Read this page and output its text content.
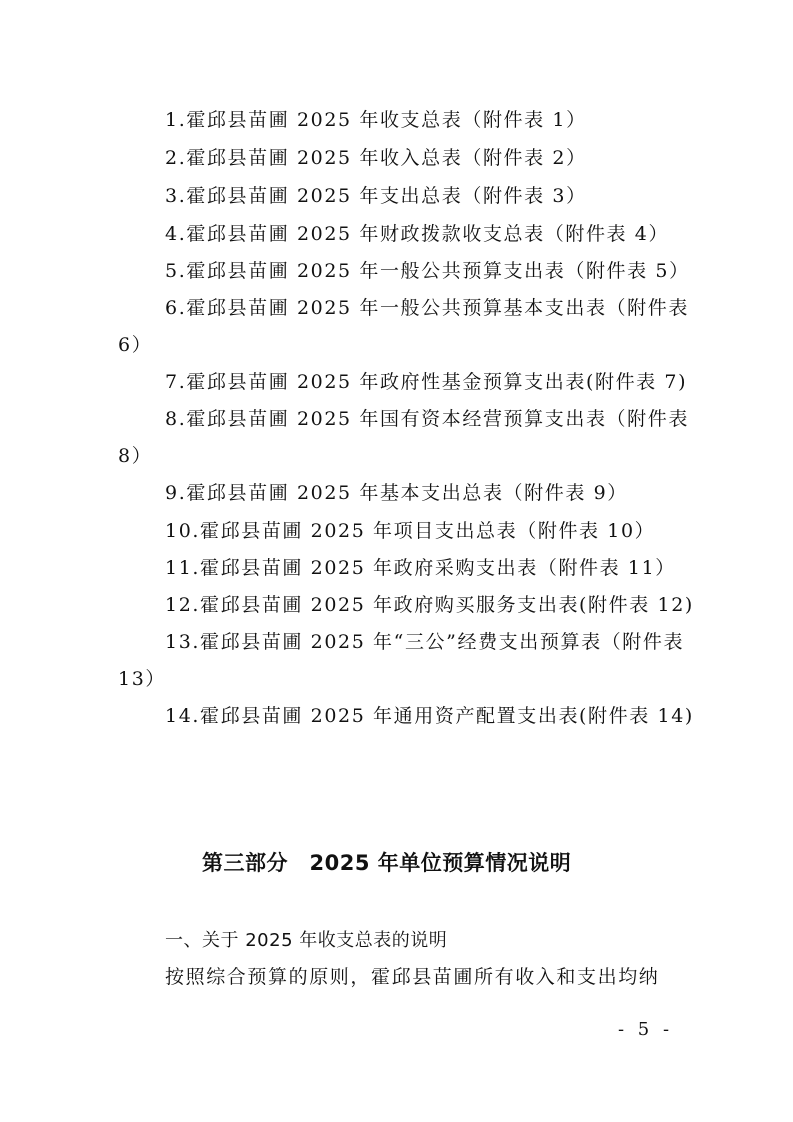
1.霍邱县苗圃 2025 年收支总表（附件表 1）
2.霍邱县苗圃 2025 年收入总表（附件表 2）
3.霍邱县苗圃 2025 年支出总表（附件表 3）
4.霍邱县苗圃 2025 年财政拨款收支总表（附件表 4）
5.霍邱县苗圃 2025 年一般公共预算支出表（附件表 5）
6.霍邱县苗圃 2025 年一般公共预算基本支出表（附件表
6）
7.霍邱县苗圃 2025 年政府性基金预算支出表(附件表 7)
8.霍邱县苗圃 2025 年国有资本经营预算支出表（附件表
8）
9.霍邱县苗圃 2025 年基本支出总表（附件表 9）
10.霍邱县苗圃 2025 年项目支出总表（附件表 10）
11.霍邱县苗圃 2025 年政府采购支出表（附件表 11）
12.霍邱县苗圃 2025 年政府购买服务支出表(附件表 12)
13.霍邱县苗圃 2025 年“三公”经费支出预算表（附件表
13）
14.霍邱县苗圃 2025 年通用资产配置支出表(附件表 14)
第三部分　2025 年单位预算情况说明
一、关于 2025 年收支总表的说明
按照综合预算的原则，霍邱县苗圃所有收入和支出均纳
- 5 -
